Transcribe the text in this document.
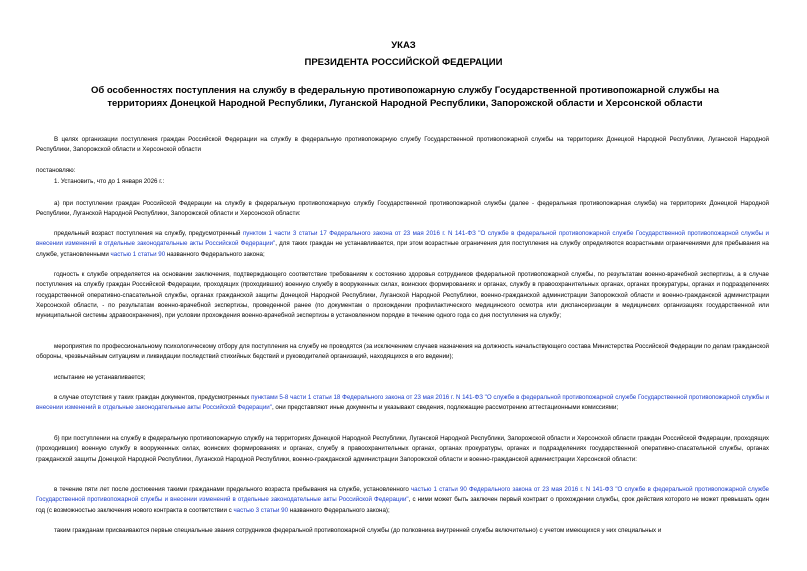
УКАЗ
ПРЕЗИДЕНТА РОССИЙСКОЙ ФЕДЕРАЦИИ
Об особенностях поступления на службу в федеральную противопожарную службу Государственной противопожарной службы на территориях Донецкой Народной Республики, Луганской Народной Республики, Запорожской области и Херсонской области

В целях организации поступления граждан Российской Федерации на службу в федеральную противопожарную службу Государственной противопожарной службы на территориях Донецкой Народной Республики, Луганской Народной Республики, Запорожской области и Херсонской области

постановляю:

1. Установить, что до 1 января 2026 г.:

а) при поступлении граждан Российской Федерации на службу в федеральную противопожарную службу Государственной противопожарной службы (далее - федеральная противопожарная служба) на территориях Донецкой Народной Республики, Луганской Народной Республики, Запорожской области и Херсонской области:

предельный возраст поступления на службу, предусмотренный пунктом 1 части 3 статьи 17 Федерального закона от 23 мая 2016 г. N 141-ФЗ "О службе в федеральной противопожарной службе Государственной противопожарной службы и внесении изменений в отдельные законодательные акты Российской Федерации", для таких граждан не устанавливается, при этом возрастные ограничения для поступления на службу определяются возрастными ограничениями для пребывания на службе, установленными частью 1 статьи 90 названного Федерального закона;

годность к службе определяется на основании заключения, подтверждающего соответствие требованиям к состоянию здоровья сотрудников федеральной противопожарной службы, по результатам военно-врачебной экспертизы, а в случае поступления на службу граждан Российской Федерации, проходящих (проходивших) военную службу в вооруженных силах, воинских формированиях и органах, службу в правоохранительных органах, органах прокуратуры, органах и подразделениях государственной оперативно-спасательной службы, органах гражданской защиты Донецкой Народной Республики, Луганской Народной Республики, военно-гражданской администрации Запорожской области и военно-гражданской администрации Херсонской области, - по результатам военно-врачебной экспертизы, проведенной ранее (по документам о прохождении профилактического медицинского осмотра или диспансеризации в медицинских организациях государственной или муниципальной системы здравоохранения), при условии прохождения военно-врачебной экспертизы в установленном порядке в течение одного года со дня поступления на службу;

мероприятия по профессиональному психологическому отбору для поступления на службу не проводятся (за исключением случаев назначения на должность начальствующего состава Министерства Российской Федерации по делам гражданской обороны, чрезвычайным ситуациям и ликвидации последствий стихийных бедствий и руководителей организаций, находящихся в его ведении);

испытание не устанавливается;

в случае отсутствия у таких граждан документов, предусмотренных пунктами 5-8 части 1 статьи 18 Федерального закона от 23 мая 2016 г. N 141-ФЗ "О службе в федеральной противопожарной службе Государственной противопожарной службы и внесении изменений в отдельные законодательные акты Российской Федерации", они представляют иные документы и указывают сведения, подлежащие рассмотрению аттестационными комиссиями;

б) при поступлении на службу в федеральную противопожарную службу на территориях Донецкой Народной Республики, Луганской Народной Республики, Запорожской области и Херсонской области граждан Российской Федерации, проходящих (проходивших) военную службу в вооруженных силах, воинских формированиях и органах, службу в правоохранительных органах, органах прокуратуры, органах и подразделениях государственной оперативно-спасательной службы, органах гражданской защиты Донецкой Народной Республики, Луганской Народной Республики, военно-гражданской администрации Запорожской области и военно-гражданской администрации Херсонской области:

в течение пяти лет после достижения такими гражданами предельного возраста пребывания на службе, установленного частью 1 статьи 90 Федерального закона от 23 мая 2016 г. N 141-ФЗ "О службе в федеральной противопожарной службе Государственной противопожарной службы и внесении изменений в отдельные законодательные акты Российской Федерации", с ними может быть заключен первый контракт о прохождении службы, срок действия которого не может превышать один год (с возможностью заключения нового контракта в соответствии с частью 3 статьи 90 названного Федерального закона);

таким гражданам присваиваются первые специальные звания сотрудников федеральной противопожарной службы (до полковника внутренней службы включительно) с учетом имеющихся у них специальных и
